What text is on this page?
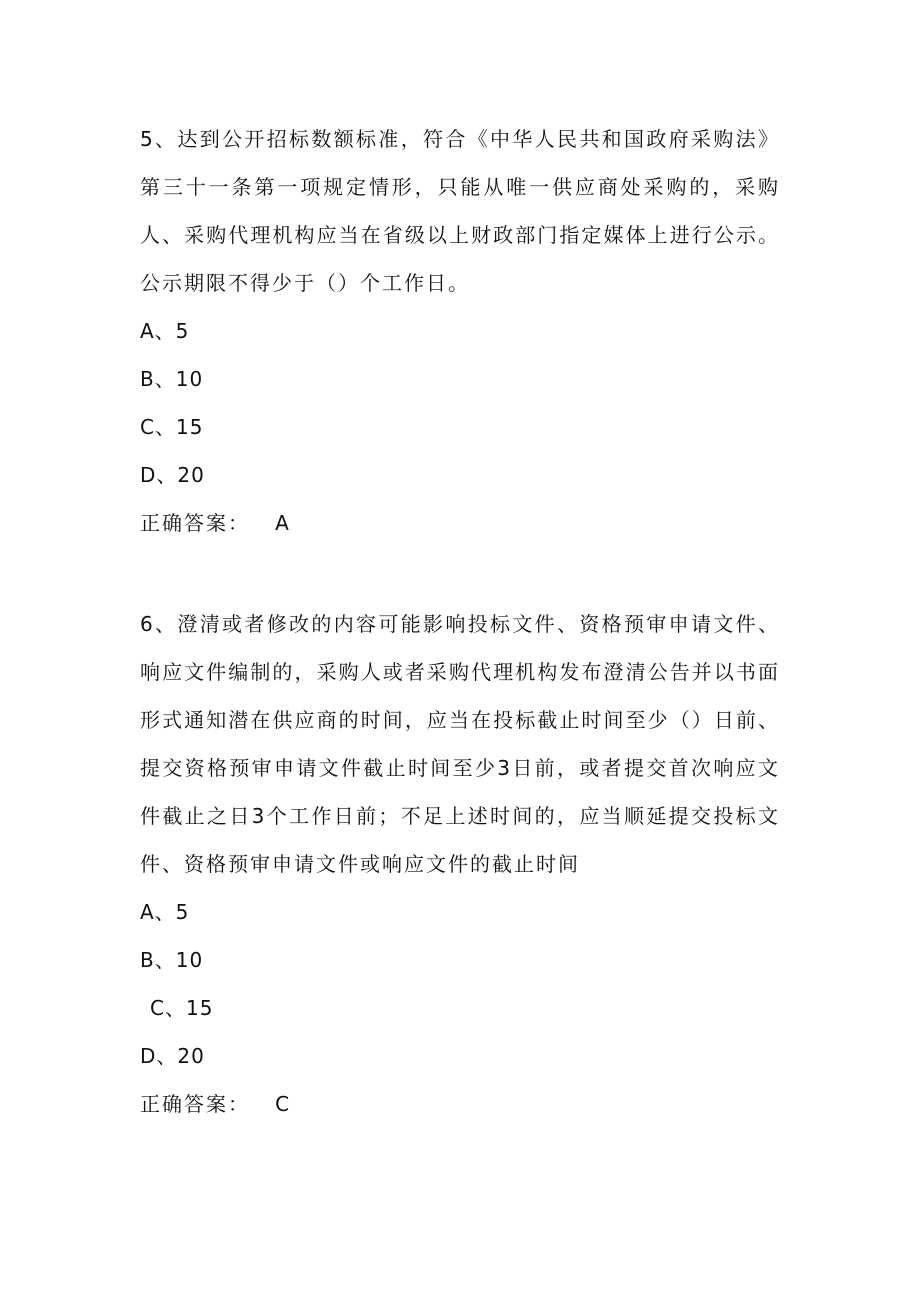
5、达到公开招标数额标准，符合《中华人民共和国政府采购法》第三十一条第一项规定情形，只能从唯一供应商处采购的，采购人、采购代理机构应当在省级以上财政部门指定媒体上进行公示。公示期限不得少于（）个工作日。

A、5

B、10

C、15

D、20

正确答案： A

6、澄清或者修改的内容可能影响投标文件、资格预审申请文件、响应文件编制的，采购人或者采购代理机构发布澄清公告并以书面形式通知潜在供应商的时间，应当在投标截止时间至少（）日前、提交资格预审申请文件截止时间至少3日前，或者提交首次响应文件截止之日3个工作日前；不足上述时间的，应当顺延提交投标文件、资格预审申请文件或响应文件的截止时间

A、5

B、10

C、15

D、20

正确答案： C
